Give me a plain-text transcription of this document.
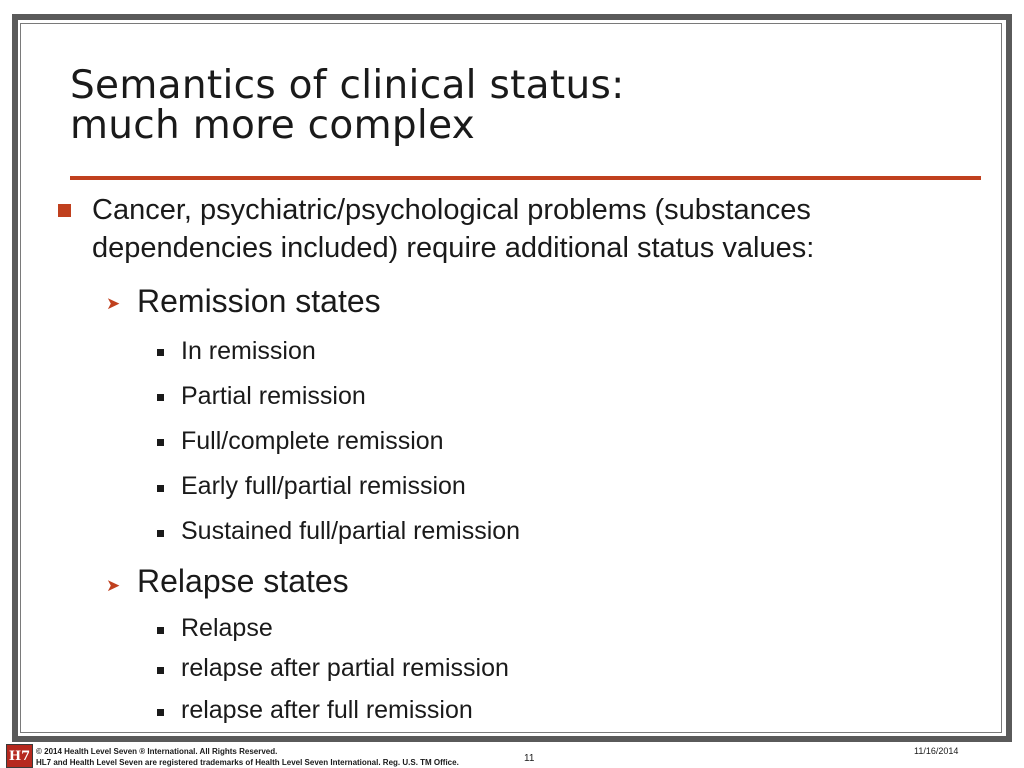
Semantics of clinical status:
much more complex
Cancer, psychiatric/psychological problems (substances dependencies included) require additional status values:
➤ Remission states
In remission
Partial remission
Full/complete remission
Early full/partial remission
Sustained full/partial remission
➤ Relapse states
Relapse
relapse after partial remission
relapse after full remission
H7 © 2014 Health Level Seven ® International. All Rights Reserved.
HL7 and Health Level Seven are registered trademarks of Health Level Seven International. Reg. U.S. TM Office.	11
11/16/2014
